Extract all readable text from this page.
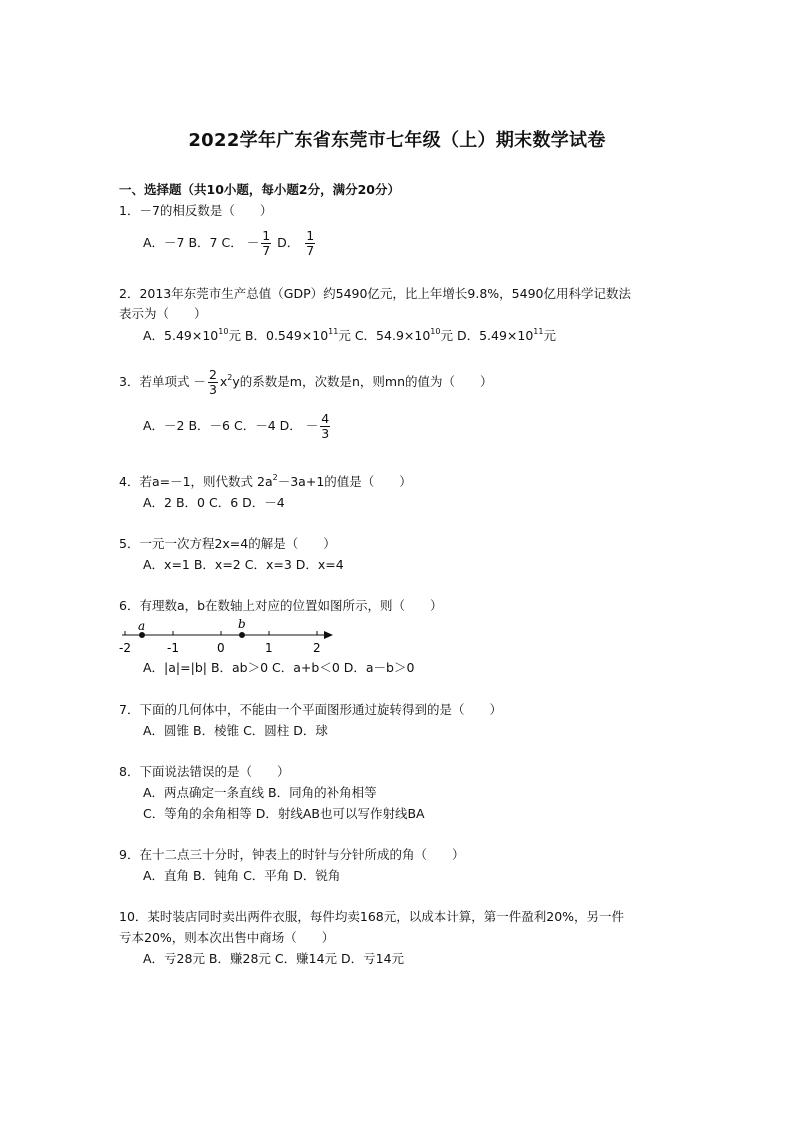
2022学年广东省东莞市七年级（上）期末数学试卷
一、选择题（共10小题，每小题2分，满分20分）
1．－7的相反数是（　　）
A．－7 B．7 C． － $\frac{1}{7}$ D． $\frac{1}{7}$
2．2013年东莞市生产总值（GDP）约5490亿元，比上年增长9.8%，5490亿用科学记数法
表示为（　　）
A．$5.49\times 10^{10}$元 B．$0.549\times 10^{11}$元 C．$54.9\times 10^{10}$元 D．$5.49\times 10^{11}$元
3．若单项式 － $\frac{2}{3} x^2y$的系数是m，次数是n，则mn的值为（　　）
A．－2 B．－6 C．－4 D． － $\frac{4}{3}$
4．若a=－1，则代数式 $2a^2-3a+1$的值是（　　）
A．2 B．0 C．6 D．－4
5．一元一次方程2x=4的解是（　　）
A．x=1 B．x=2 C．x=3 D．x=4
6．有理数a，b在数轴上对应的位置如图所示，则（　　）
a	b
-2	-1	0	1	2
A．|a|=|b| B．ab＞0 C．a+b＜0 D．a－b＞0
7．下面的几何体中，不能由一个平面图形通过旋转得到的是（　　）
A．圆锥 B．棱锥 C．圆柱 D．球
8．下面说法错误的是（　　）
A．两点确定一条直线 B．同角的补角相等
C．等角的余角相等 D．射线AB也可以写作射线BA
9．在十二点三十分时，钟表上的时针与分针所成的角（　　）
A．直角 B．钝角 C．平角 D．锐角
10．某时装店同时卖出两件衣服，每件均卖168元，以成本计算，第一件盈利20%，另一件
亏本20%，则本次出售中商场（　　）
A．亏28元 B．赚28元 C．赚14元 D．亏14元
